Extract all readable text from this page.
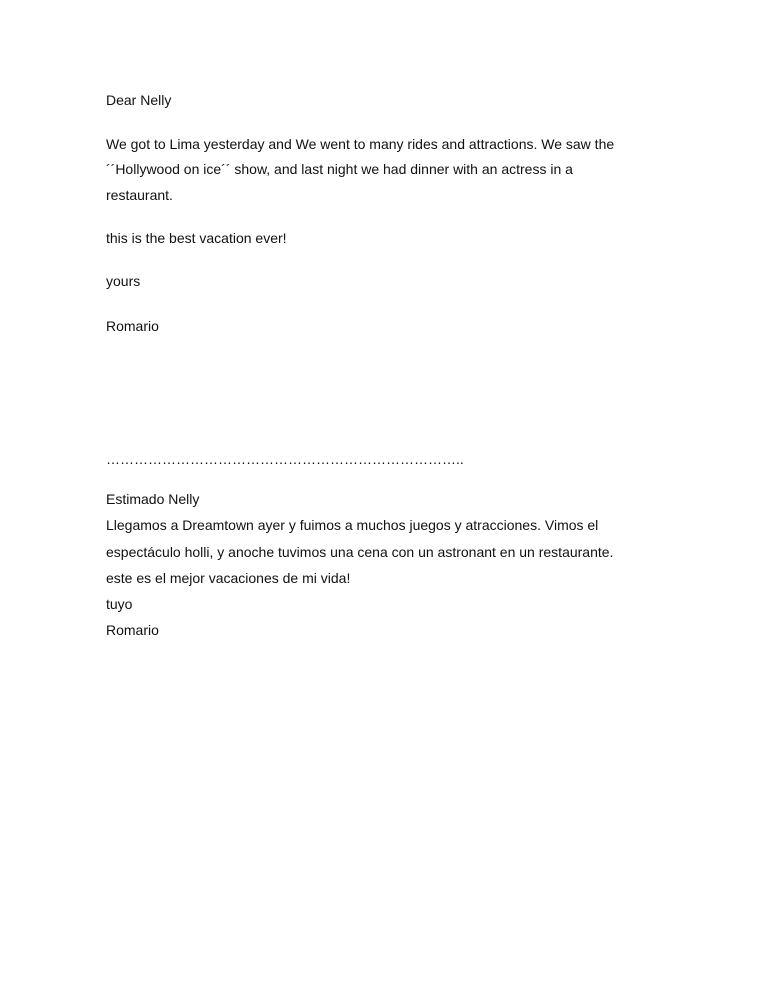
Dear Nelly
We got to Lima yesterday and We went to many rides and attractions. We saw the
´´Hollywood on ice´´ show, and last night we had dinner with an actress in a
restaurant.
this is the best vacation ever!
yours
Romario
…………………………………………………………………..
Estimado Nelly
Llegamos a Dreamtown ayer y fuimos a muchos juegos y atracciones. Vimos el
espectáculo holli, y anoche tuvimos una cena con un astronant en un restaurante.
este es el mejor vacaciones de mi vida!
tuyo
Romario
